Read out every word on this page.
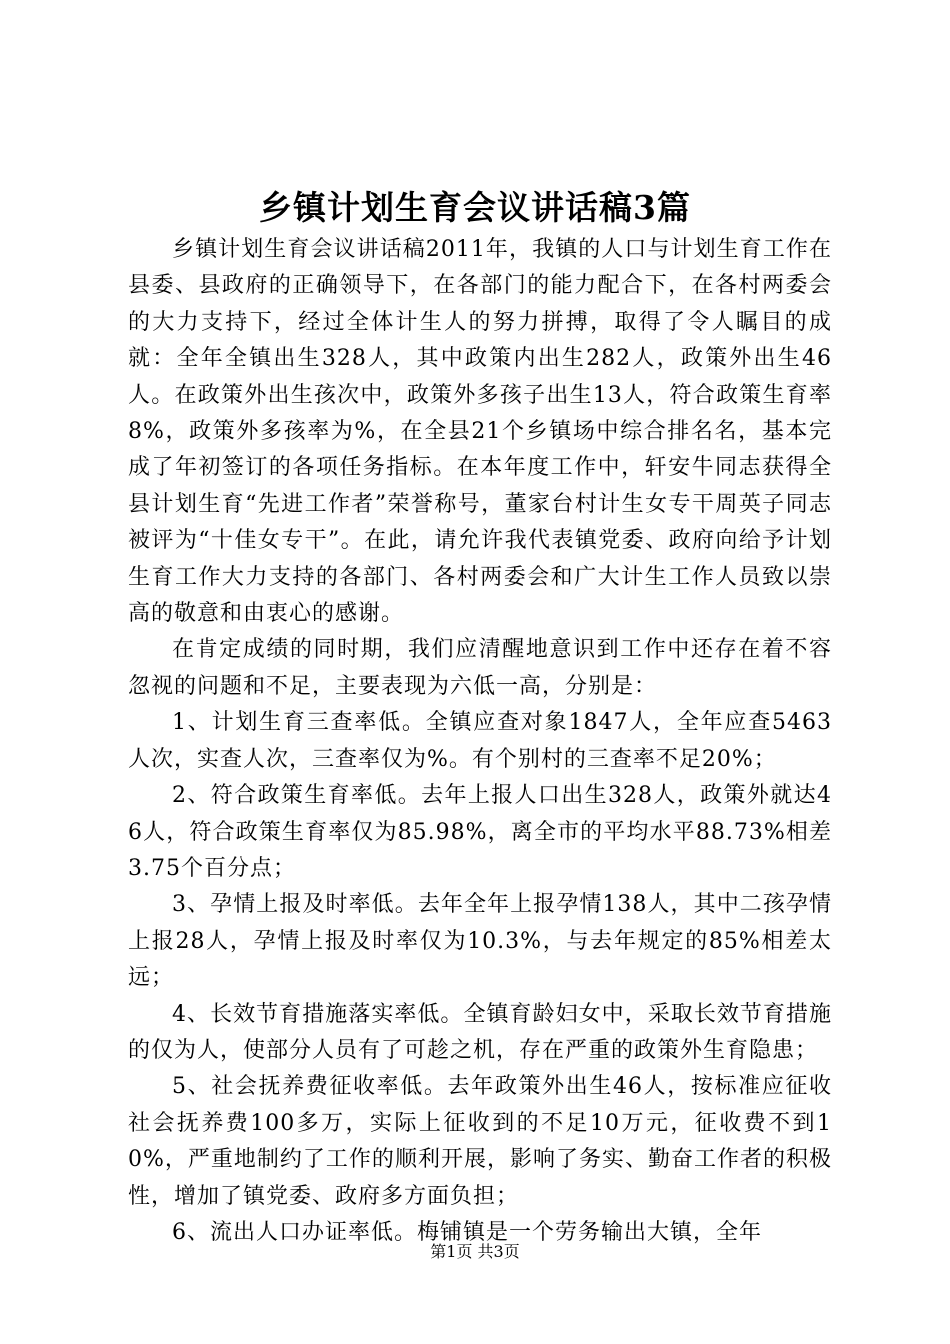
乡镇计划生育会议讲话稿3篇

乡镇计划生育会议讲话稿2011年，我镇的人口与计划生育工作在县委、县政府的正确领导下，在各部门的能力配合下，在各村两委会的大力支持下，经过全体计生人的努力拼搏，取得了令人瞩目的成就：全年全镇出生328人，其中政策内出生282人，政策外出生46人。在政策外出生孩次中，政策外多孩子出生13人，符合政策生育率8%，政策外多孩率为%，在全县21个乡镇场中综合排名名，基本完成了年初签订的各项任务指标。在本年度工作中，轩安牛同志获得全县计划生育“先进工作者”荣誉称号，董家台村计生女专干周英子同志被评为“十佳女专干”。在此，请允许我代表镇党委、政府向给予计划生育工作大力支持的各部门、各村两委会和广大计生工作人员致以崇高的敬意和由衷心的感谢。

在肯定成绩的同时期，我们应清醒地意识到工作中还存在着不容忽视的问题和不足，主要表现为六低一高，分别是：

1、计划生育三查率低。全镇应查对象1847人，全年应查5463人次，实查人次，三查率仅为%。有个别村的三查率不足20%；

2、符合政策生育率低。去年上报人口出生328人，政策外就达46人，符合政策生育率仅为85.98%，离全市的平均水平88.73%相差3.75个百分点；

3、孕情上报及时率低。去年全年上报孕情138人，其中二孩孕情上报28人，孕情上报及时率仅为10.3%，与去年规定的85%相差太远；

4、长效节育措施落实率低。全镇育龄妇女中，采取长效节育措施的仅为人，使部分人员有了可趁之机，存在严重的政策外生育隐患；

5、社会抚养费征收率低。去年政策外出生46人，按标准应征收社会抚养费100多万，实际上征收到的不足10万元，征收费不到10%，严重地制约了工作的顺利开展，影响了务实、勤奋工作者的积极性，增加了镇党委、政府多方面负担；

6、流出人口办证率低。梅铺镇是一个劳务输出大镇，全年

第1页 共3页
